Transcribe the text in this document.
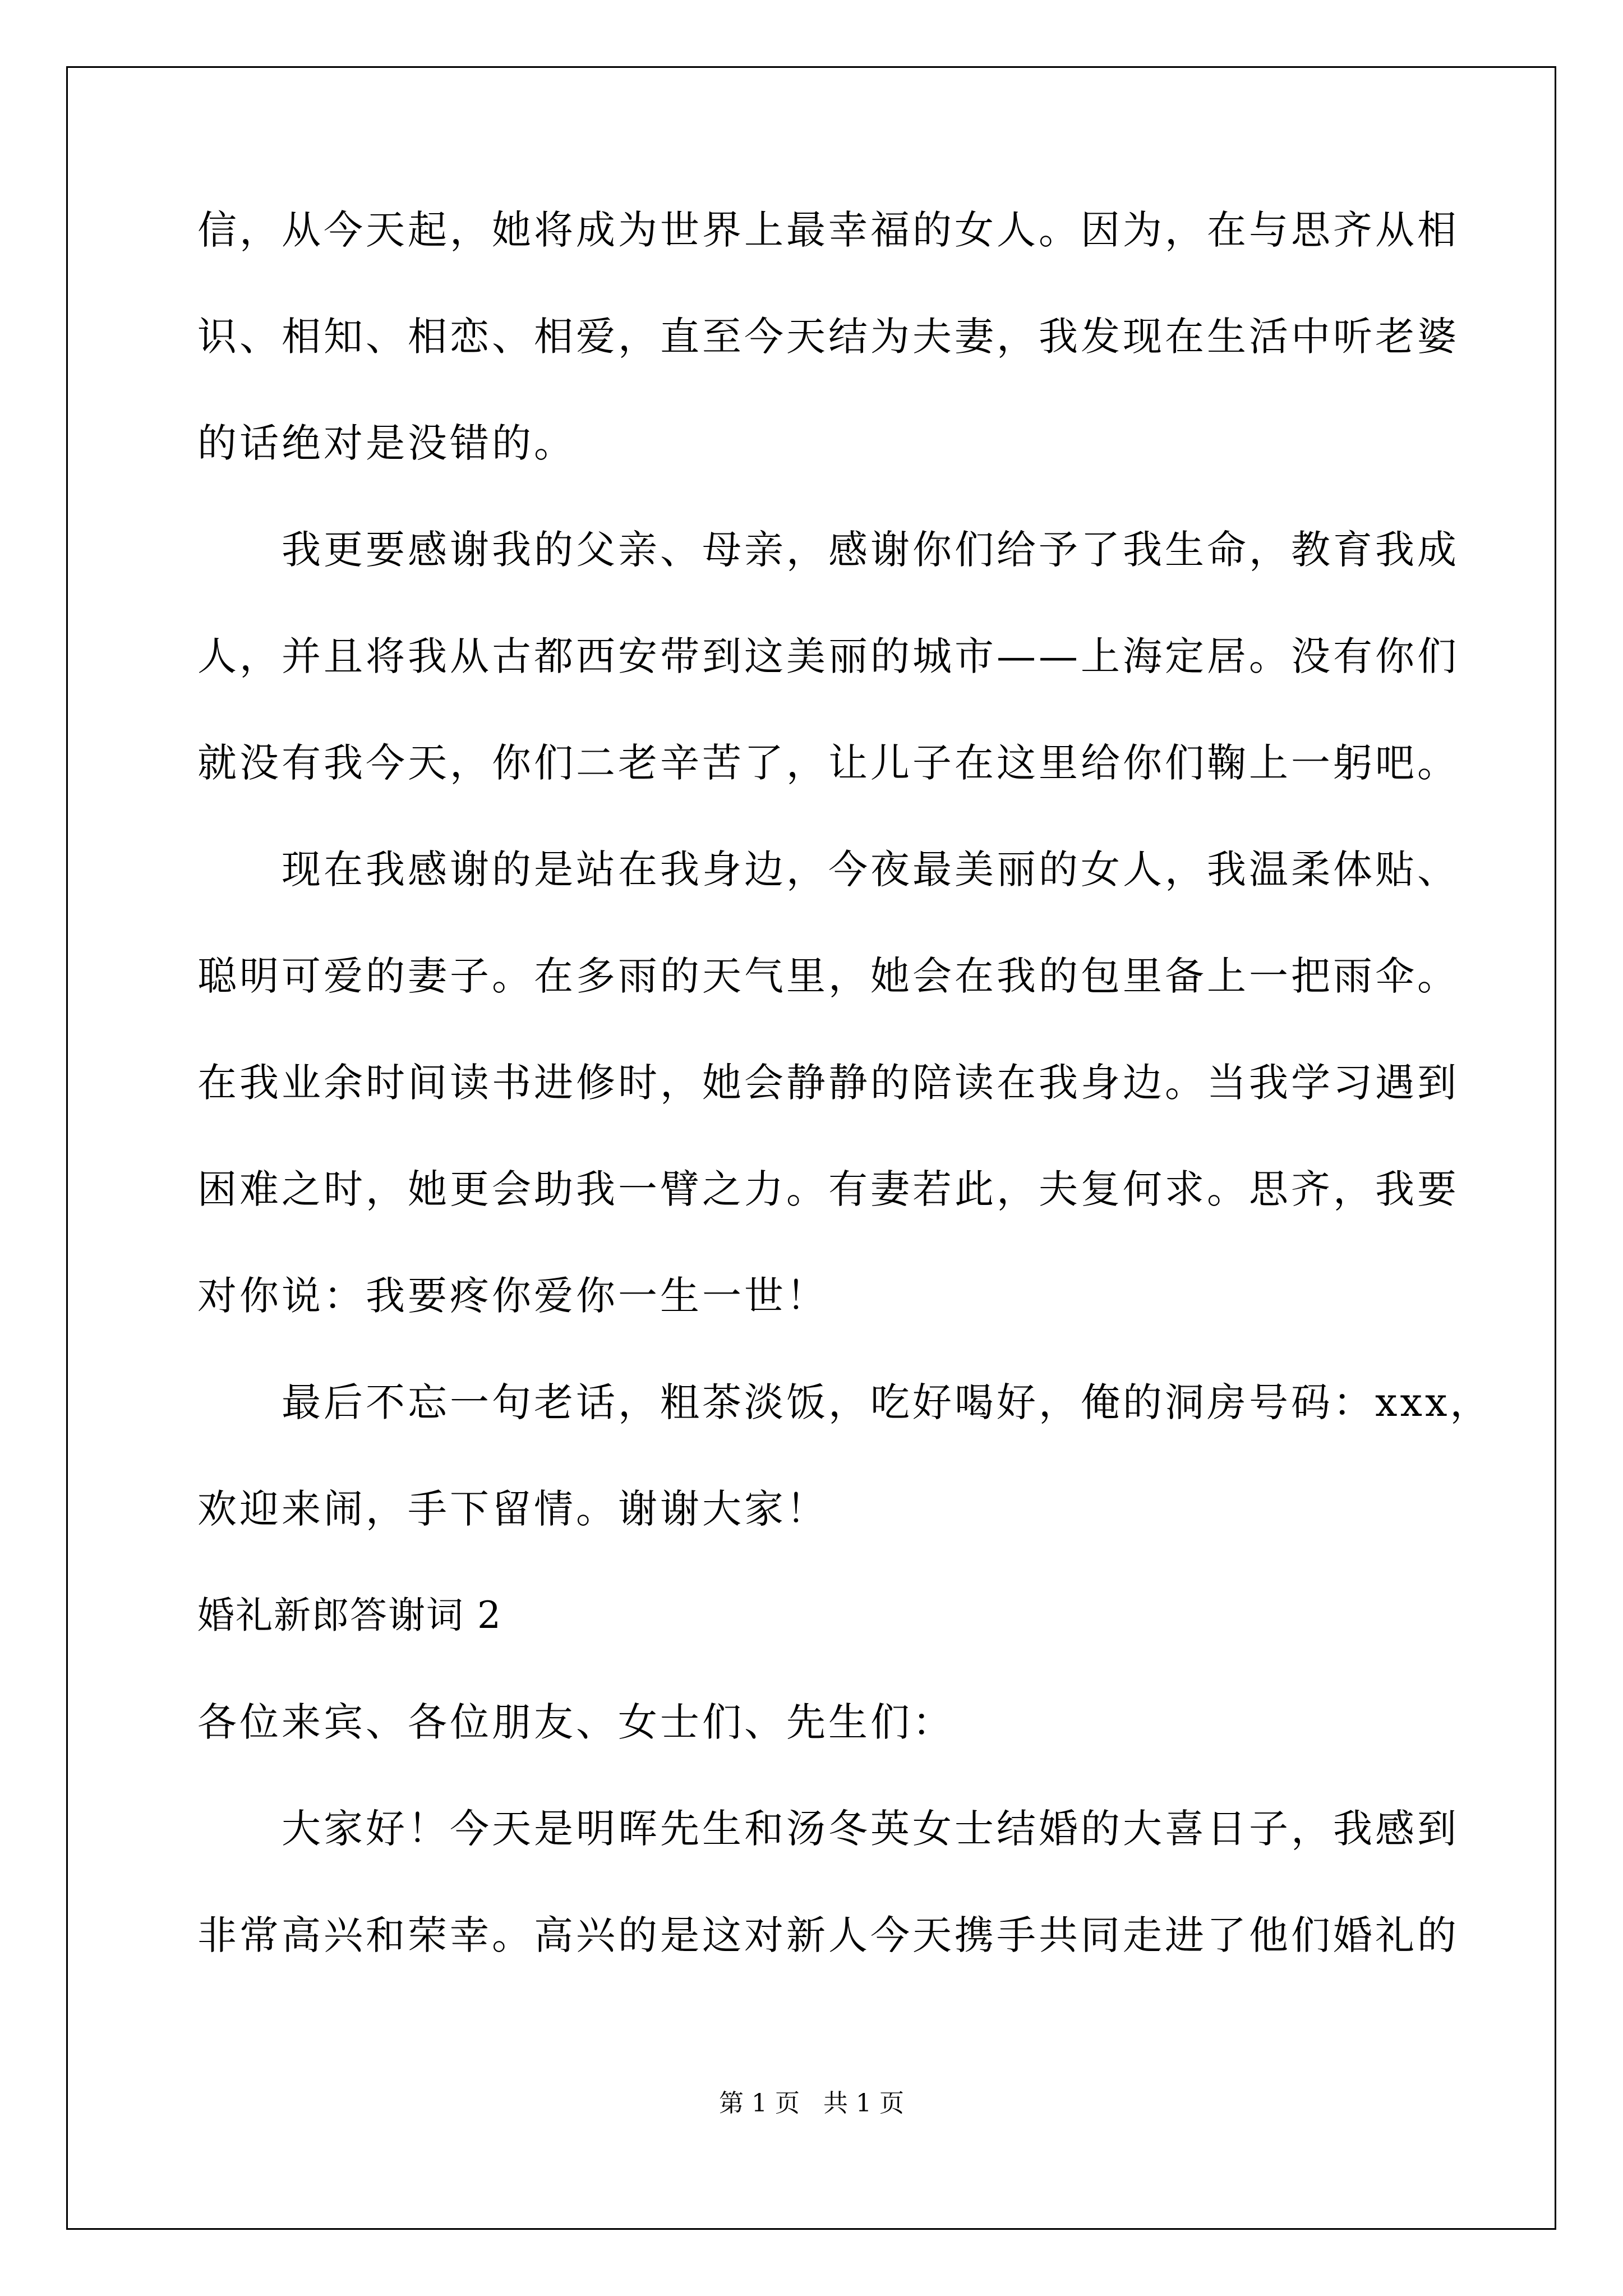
信，从今天起，她将成为世界上最幸福的女人。因为，在与思齐从相
识、相知、相恋、相爱，直至今天结为夫妻，我发现在生活中听老婆
的话绝对是没错的。
　　我更要感谢我的父亲、母亲，感谢你们给予了我生命，教育我成
人，并且将我从古都西安带到这美丽的城市——上海定居。没有你们
就没有我今天，你们二老辛苦了，让儿子在这里给你们鞠上一躬吧。
　　现在我感谢的是站在我身边，今夜最美丽的女人，我温柔体贴、
聪明可爱的妻子。在多雨的天气里，她会在我的包里备上一把雨伞。
在我业余时间读书进修时，她会静静的陪读在我身边。当我学习遇到
困难之时，她更会助我一臂之力。有妻若此，夫复何求。思齐，我要
对你说：我要疼你爱你一生一世！
　　最后不忘一句老话，粗茶淡饭，吃好喝好，俺的洞房号码：xxx，
欢迎来闹，手下留情。谢谢大家！
婚礼新郎答谢词 2
各位来宾、各位朋友、女士们、先生们：
　　大家好！今天是明晖先生和汤冬英女士结婚的大喜日子，我感到
非常高兴和荣幸。高兴的是这对新人今天携手共同走进了他们婚礼的
第 1 页 共 1 页
